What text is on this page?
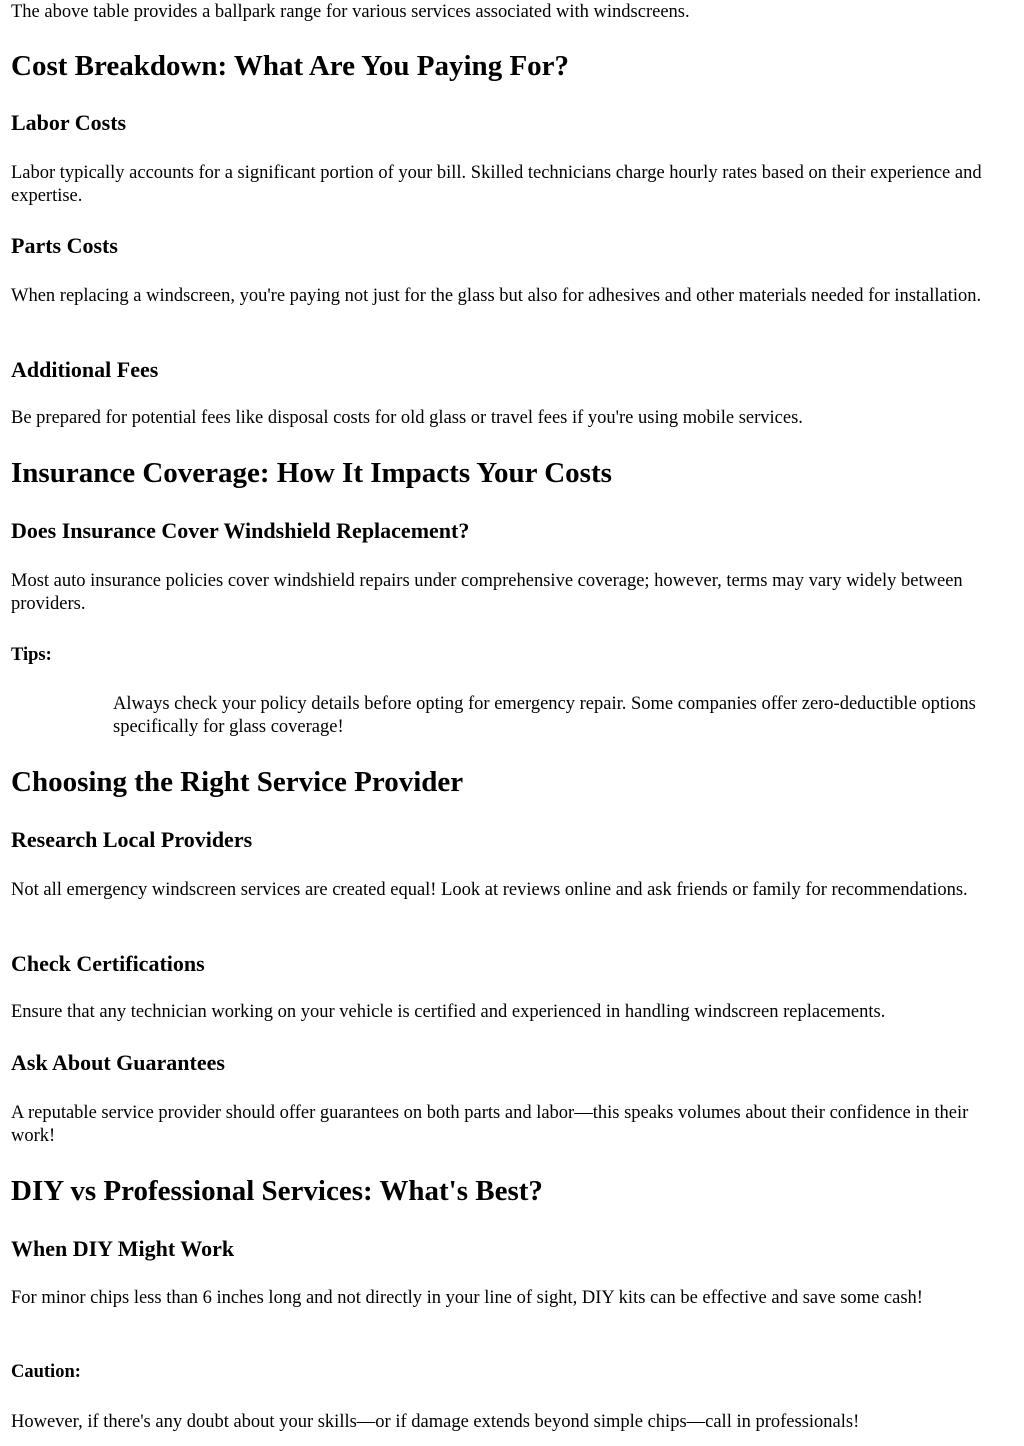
The above table provides a ballpark range for various services associated with windscreens.

Cost Breakdown: What Are You Paying For?
Labor Costs

Labor typically accounts for a significant portion of your bill. Skilled technicians charge hourly rates based on their experience and expertise.

Parts Costs

When replacing a windscreen, you're paying not just for the glass but also for adhesives and other materials needed for installation.

Additional Fees

Be prepared for potential fees like disposal costs for old glass or travel fees if you're using mobile services.

Insurance Coverage: How It Impacts Your Costs
Does Insurance Cover Windshield Replacement?

Most auto insurance policies cover windshield repairs under comprehensive coverage; however, terms may vary widely between providers.

Tips:
Always check your policy details before opting for emergency repair. Some companies offer zero-deductible options specifically for glass coverage!
Choosing the Right Service Provider
Research Local Providers

Not all emergency windscreen services are created equal! Look at reviews online and ask friends or family for recommendations.

Check Certifications

Ensure that any technician working on your vehicle is certified and experienced in handling windscreen replacements.

Ask About Guarantees

A reputable service provider should offer guarantees on both parts and labor—this speaks volumes about their confidence in their work!

DIY vs Professional Services: What's Best?
When DIY Might Work

For minor chips less than 6 inches long and not directly in your line of sight, DIY kits can be effective and save some cash!

Caution:

However, if there's any doubt about your skills—or if damage extends beyond simple chips—call in professionals!
